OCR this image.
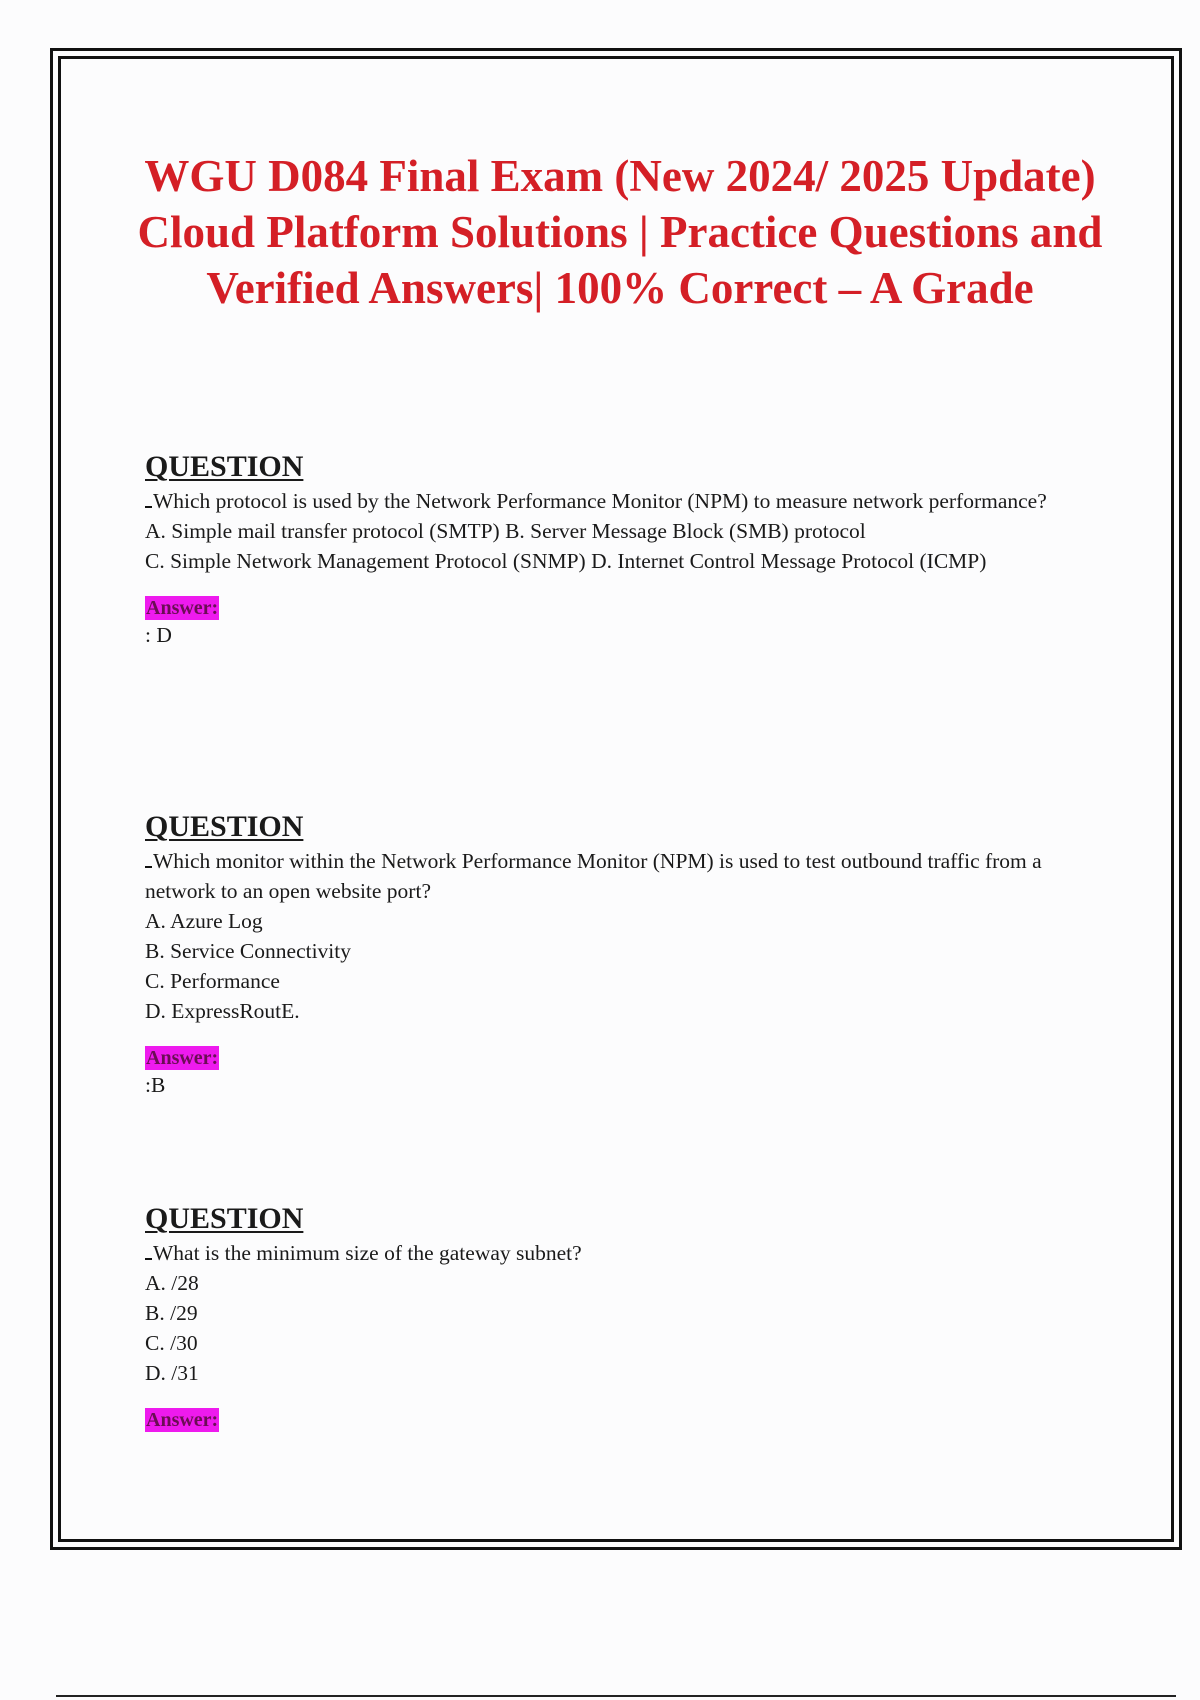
WGU D084 Final Exam (New 2024/ 2025 Update) Cloud Platform Solutions | Practice Questions and Verified Answers| 100% Correct – A Grade
QUESTION
Which protocol is used by the Network Performance Monitor (NPM) to measure network performance?
A. Simple mail transfer protocol (SMTP) B. Server Message Block (SMB) protocol
C. Simple Network Management Protocol (SNMP) D. Internet Control Message Protocol (ICMP)
Answer:
: D
QUESTION
Which monitor within the Network Performance Monitor (NPM) is used to test outbound traffic from a network to an open website port?
A. Azure Log
B. Service Connectivity
C. Performance
D. ExpressRoutE.
Answer:
:B
QUESTION
What is the minimum size of the gateway subnet?
A. /28
B. /29
C. /30
D. /31
Answer:
